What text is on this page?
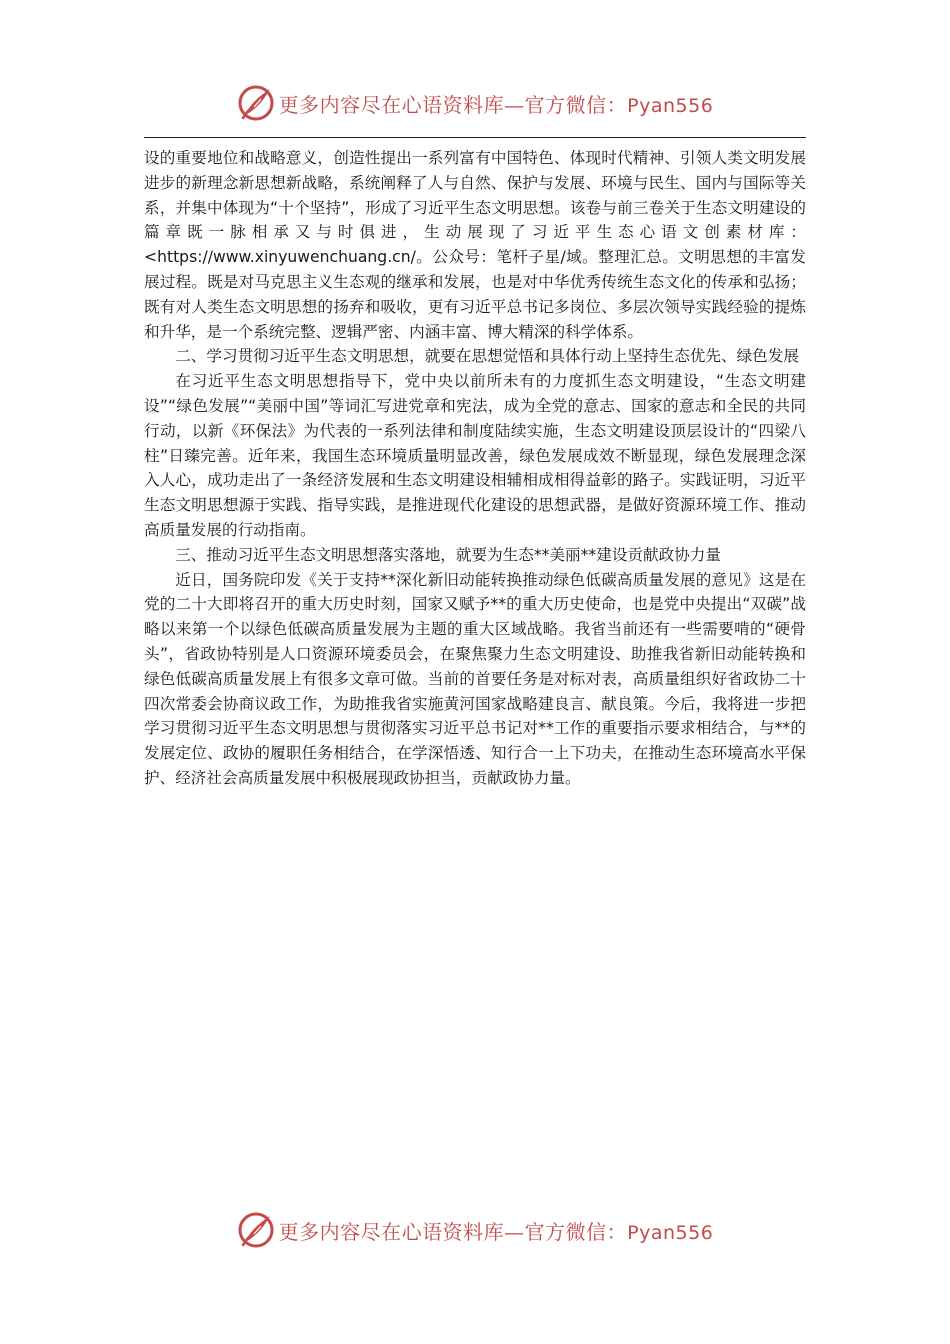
更多内容尽在心语资料库—官方微信：Pyan556

设的重要地位和战略意义，创造性提出一系列富有中国特色、体现时代精神、引领人类文明发展进步的新理念新思想新战略，系统阐释了人与自然、保护与发展、环境与民生、国内与国际等关系，并集中体现为“十个坚持”，形成了习近平生态文明思想。该卷与前三卷关于生态文明建设的篇章既一脉相承又与时俱进，生动展现了习近平生态心语文创素材库：<https://www.xinyuwenchuang.cn/。公众号：笔杆子星/域。整理汇总。文明思想的丰富发展过程。既是对马克思主义生态观的继承和发展，也是对中华优秀传统生态文化的传承和弘扬；既有对人类生态文明思想的扬弃和吸收，更有习近平总书记多岗位、多层次领导实践经验的提炼和升华，是一个系统完整、逻辑严密、内涵丰富、博大精深的科学体系。

二、学习贯彻习近平生态文明思想，就要在思想觉悟和具体行动上坚持生态优先、绿色发展

在习近平生态文明思想指导下，党中央以前所未有的力度抓生态文明建设，“生态文明建设”“绿色发展”“美丽中国”等词汇写进党章和宪法，成为全党的意志、国家的意志和全民的共同行动，以新《环保法》为代表的一系列法律和制度陆续实施，生态文明建设顶层设计的“四梁八柱”日臻完善。近年来，我国生态环境质量明显改善，绿色发展成效不断显现，绿色发展理念深入人心，成功走出了一条经济发展和生态文明建设相辅相成相得益彰的路子。实践证明，习近平生态文明思想源于实践、指导实践，是推进现代化建设的思想武器，是做好资源环境工作、推动高质量发展的行动指南。

三、推动习近平生态文明思想落实落地，就要为生态**美丽**建设贡献政协力量

近日，国务院印发《关于支持**深化新旧动能转换推动绿色低碳高质量发展的意见》这是在党的二十大即将召开的重大历史时刻，国家又赋予**的重大历史使命，也是党中央提出“双碳”战略以来第一个以绿色低碳高质量发展为主题的重大区域战略。我省当前还有一些需要啃的“硬骨头”，省政协特别是人口资源环境委员会，在聚焦聚力生态文明建设、助推我省新旧动能转换和绿色低碳高质量发展上有很多文章可做。当前的首要任务是对标对表，高质量组织好省政协二十四次常委会协商议政工作，为助推我省实施黄河国家战略建良言、献良策。今后，我将进一步把学习贯彻习近平生态文明思想与贯彻落实习近平总书记对**工作的重要指示要求相结合，与**的发展定位、政协的履职任务相结合，在学深悟透、知行合一上下功夫，在推动生态环境高水平保护、经济社会高质量发展中积极展现政协担当，贡献政协力量。

更多内容尽在心语资料库—官方微信：Pyan556
